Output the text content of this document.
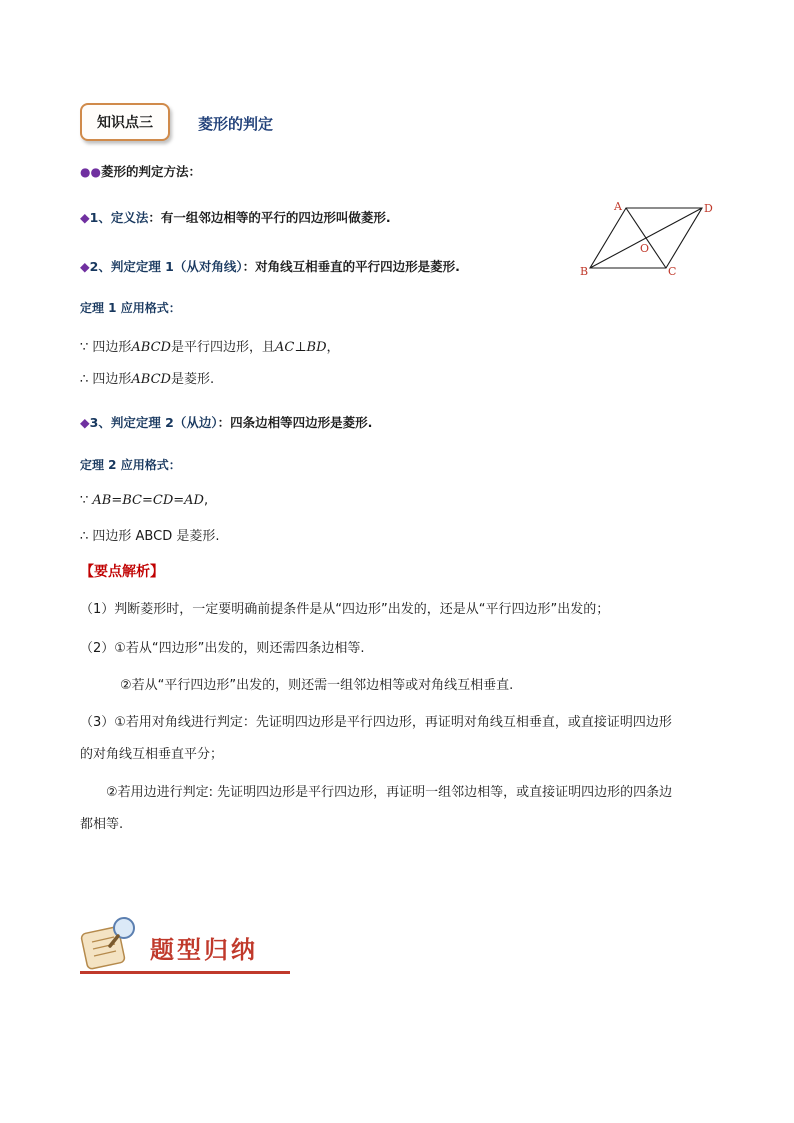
知识点三	菱形的判定
●●菱形的判定方法：
◆1、定义法：有一组邻边相等的平行的四边形叫做菱形.
◆2、判定定理 1（从对角线）：对角线互相垂直的平行四边形是菱形.
定理 1 应用格式：
∵ 四边形ABCD是平行四边形，且AC⊥BD，
∴ 四边形ABCD是菱形.
◆3、判定定理 2（从边）：四条边相等四边形是菱形.
定理 2 应用格式：
∵ AB=BC=CD=AD,
∴ 四边形 ABCD 是菱形.
【要点解析】
（1）判断菱形时，一定要明确前提条件是从“四边形”出发的，还是从“平行四边形”出发的；
（2）①若从“四边形”出发的，则还需四条边相等.
②若从“平行四边形”出发的，则还需一组邻边相等或对角线互相垂直.
（3）①若用对角线进行判定：先证明四边形是平行四边形，再证明对角线互相垂直，或直接证明四边形
的对角线互相垂直平分；
②若用边进行判定: 先证明四边形是平行四边形，再证明一组邻边相等，或直接证明四边形的四条边
都相等.
A	D
B	C
O
题型归纳
